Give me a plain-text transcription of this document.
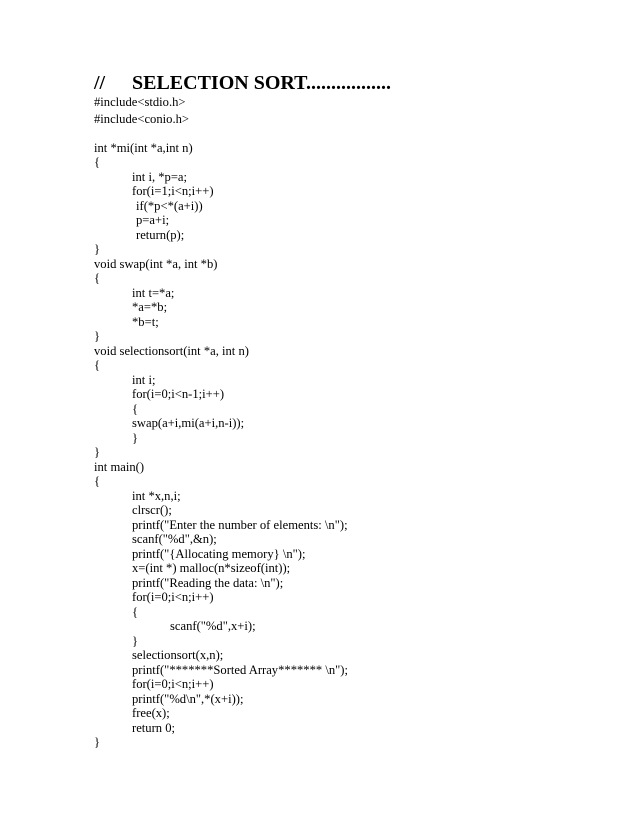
//	SELECTION SORT.................
#include<stdio.h>
#include<conio.h>
int *mi(int *a,int n)
{
int i, *p=a;
for(i=1;i<n;i++)
if(*p<*(a+i))
p=a+i;
return(p);
}
void swap(int *a, int *b)
{
int t=*a;
*a=*b;
*b=t;
}
void selectionsort(int *a, int n)
{
int i;
for(i=0;i<n-1;i++)
{
swap(a+i,mi(a+i,n-i));
}
}
int main()
{
int *x,n,i;
clrscr();
printf("Enter the number of elements: \n");
scanf("%d",&n);
printf("{Allocating memory} \n");
x=(int *) malloc(n*sizeof(int));
printf("Reading the data: \n");
for(i=0;i<n;i++)
{
scanf("%d",x+i);
}
selectionsort(x,n);
printf("*******Sorted Array******* \n");
for(i=0;i<n;i++)
printf("%d\n",*(x+i));
free(x);
return 0;
}
